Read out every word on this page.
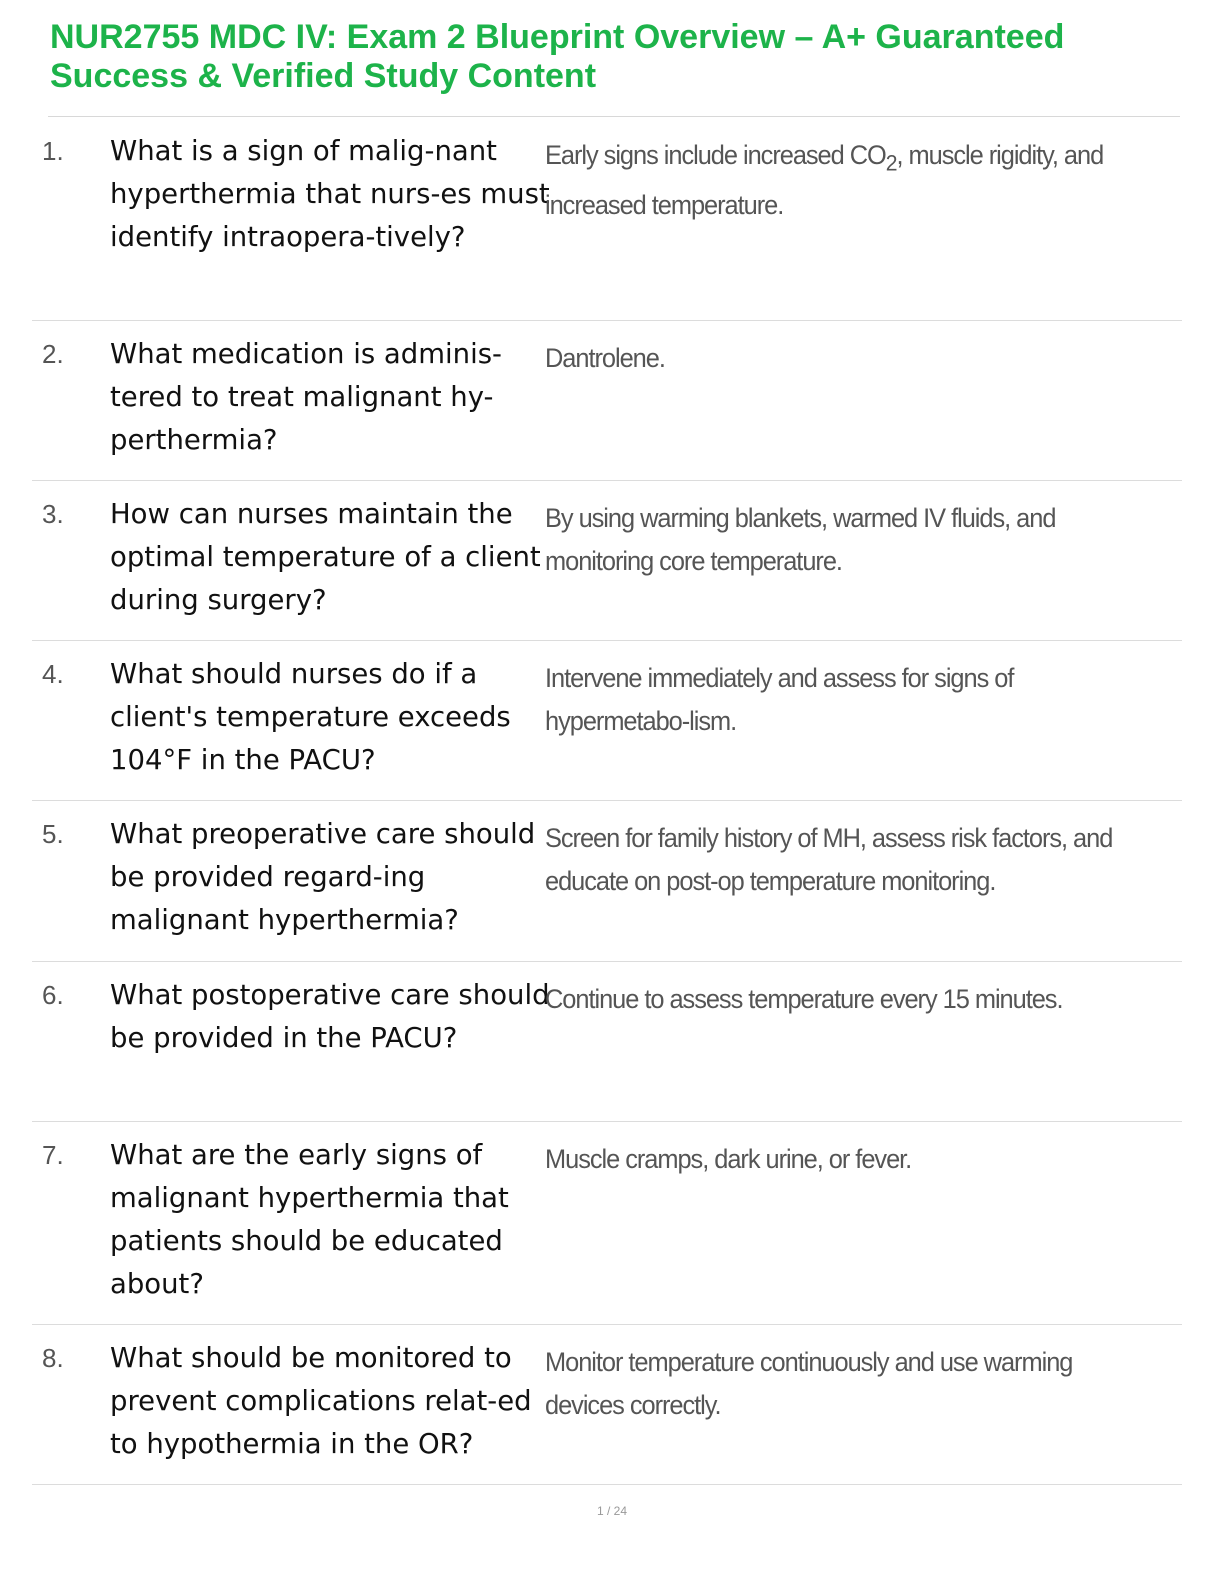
NUR2755 MDC IV: Exam 2 Blueprint Overview – A+ Guaranteed Success & Verified Study Content
1. What is a sign of malig-nant hyperthermia that nurs-es must identify intraopera-tively?
Early signs include increased $CO_2$, muscle rigidity, and increased temperature.
2. What medication is adminis-tered to treat malignant hy-perthermia?
Dantrolene.
3. How can nurses maintain the optimal temperature of a client during surgery?
By using warming blankets, warmed IV fluids, and monitoring core temperature.
4. What should nurses do if a client's temperature exceeds 104°F in the PACU?
Intervene immediately and assess for signs of hypermetabo-lism.
5. What preoperative care should be provided regard-ing malignant hyperthermia?
Screen for family history of MH, assess risk factors, and educate on post-op temperature monitoring.
6. What postoperative care should be provided in the PACU?
Continue to assess temperature every 15 minutes.
7. What are the early signs of malignant hyperthermia that patients should be educated about?
Muscle cramps, dark urine, or fever.
8. What should be monitored to prevent complications relat-ed to hypothermia in the OR?
Monitor temperature continuously and use warming devices correctly.
1 / 24
